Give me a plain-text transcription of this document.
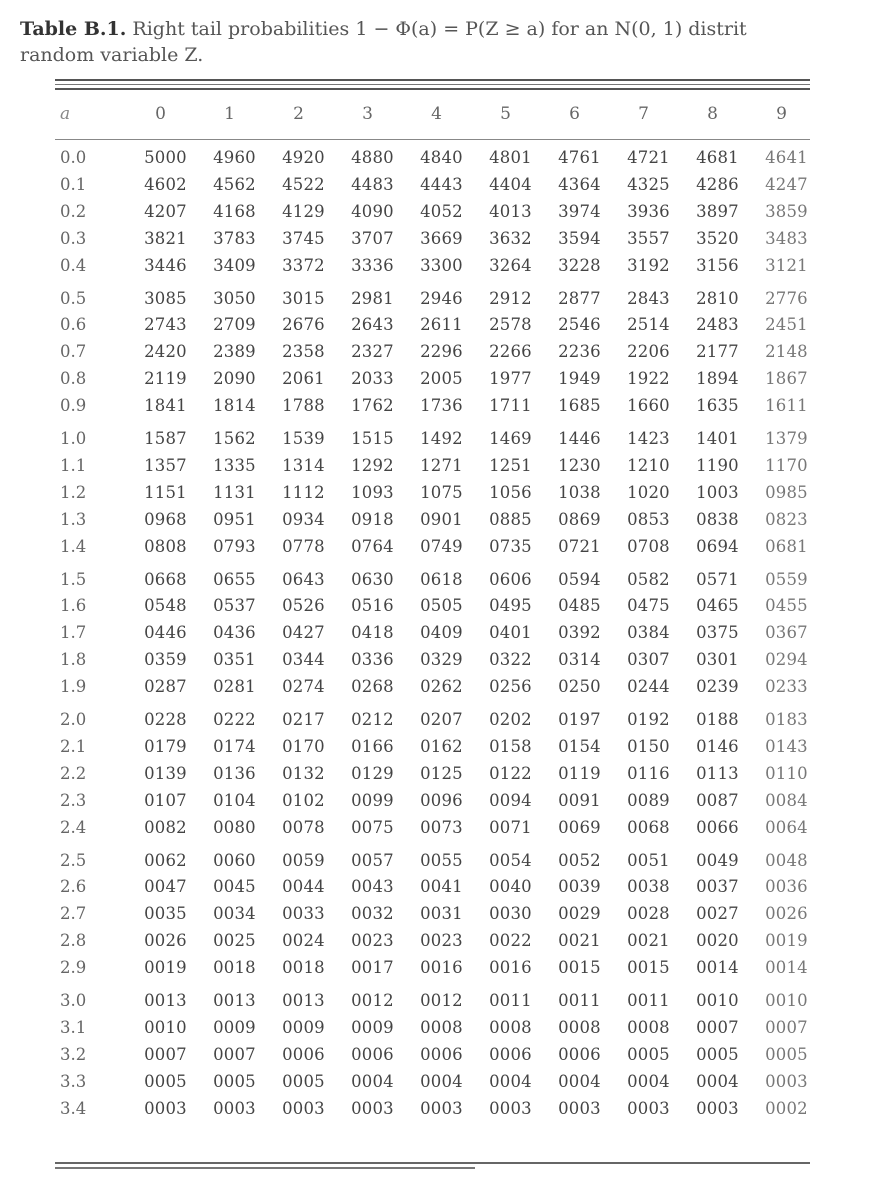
Table B.1. Right tail probabilities 1 − Φ(a) = P(Z ≥ a) for an N(0, 1) distrit
random variable Z.
a	0	1	2	3	4	5	6	7	8	9
0.0	5000	4960	4920	4880	4840	4801	4761	4721	4681	4641
0.1	4602	4562	4522	4483	4443	4404	4364	4325	4286	4247
0.2	4207	4168	4129	4090	4052	4013	3974	3936	3897	3859
0.3	3821	3783	3745	3707	3669	3632	3594	3557	3520	3483
0.4	3446	3409	3372	3336	3300	3264	3228	3192	3156	3121
0.5	3085	3050	3015	2981	2946	2912	2877	2843	2810	2776
0.6	2743	2709	2676	2643	2611	2578	2546	2514	2483	2451
0.7	2420	2389	2358	2327	2296	2266	2236	2206	2177	2148
0.8	2119	2090	2061	2033	2005	1977	1949	1922	1894	1867
0.9	1841	1814	1788	1762	1736	1711	1685	1660	1635	1611
1.0	1587	1562	1539	1515	1492	1469	1446	1423	1401	1379
1.1	1357	1335	1314	1292	1271	1251	1230	1210	1190	1170
1.2	1151	1131	1112	1093	1075	1056	1038	1020	1003	0985
1.3	0968	0951	0934	0918	0901	0885	0869	0853	0838	0823
1.4	0808	0793	0778	0764	0749	0735	0721	0708	0694	0681
1.5	0668	0655	0643	0630	0618	0606	0594	0582	0571	0559
1.6	0548	0537	0526	0516	0505	0495	0485	0475	0465	0455
1.7	0446	0436	0427	0418	0409	0401	0392	0384	0375	0367
1.8	0359	0351	0344	0336	0329	0322	0314	0307	0301	0294
1.9	0287	0281	0274	0268	0262	0256	0250	0244	0239	0233
2.0	0228	0222	0217	0212	0207	0202	0197	0192	0188	0183
2.1	0179	0174	0170	0166	0162	0158	0154	0150	0146	0143
2.2	0139	0136	0132	0129	0125	0122	0119	0116	0113	0110
2.3	0107	0104	0102	0099	0096	0094	0091	0089	0087	0084
2.4	0082	0080	0078	0075	0073	0071	0069	0068	0066	0064
2.5	0062	0060	0059	0057	0055	0054	0052	0051	0049	0048
2.6	0047	0045	0044	0043	0041	0040	0039	0038	0037	0036
2.7	0035	0034	0033	0032	0031	0030	0029	0028	0027	0026
2.8	0026	0025	0024	0023	0023	0022	0021	0021	0020	0019
2.9	0019	0018	0018	0017	0016	0016	0015	0015	0014	0014
3.0	0013	0013	0013	0012	0012	0011	0011	0011	0010	0010
3.1	0010	0009	0009	0009	0008	0008	0008	0008	0007	0007
3.2	0007	0007	0006	0006	0006	0006	0006	0005	0005	0005
3.3	0005	0005	0005	0004	0004	0004	0004	0004	0004	0003
3.4	0003	0003	0003	0003	0003	0003	0003	0003	0003	0002
